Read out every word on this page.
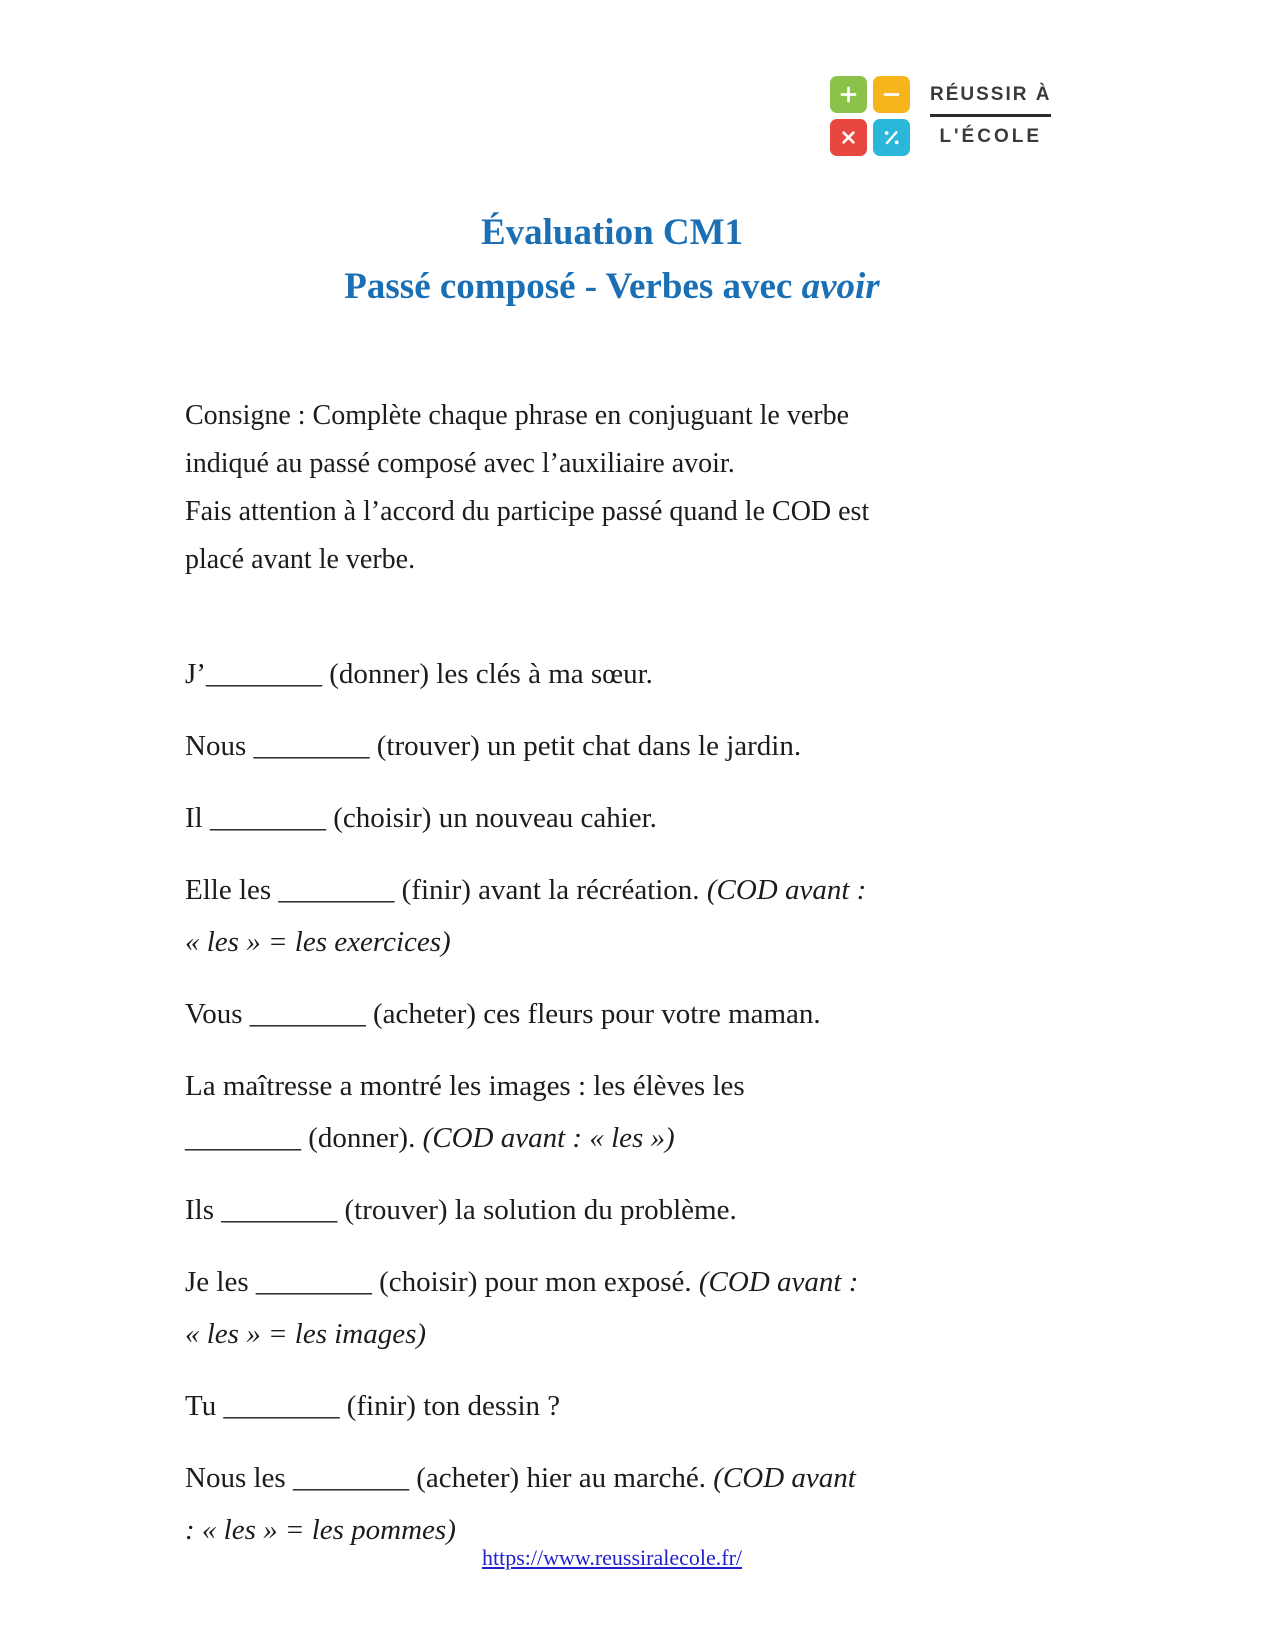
RÉUSSIR À
L'ÉCOLE
Évaluation CM1
Passé composé - Verbes avec avoir
Consigne : Complète chaque phrase en conjuguant le verbe
indiqué au passé composé avec l’auxiliaire avoir.
Fais attention à l’accord du participe passé quand le COD est
placé avant le verbe.

J’________ (donner) les clés à ma sœur.

Nous ________ (trouver) un petit chat dans le jardin.

Il ________ (choisir) un nouveau cahier.

Elle les ________ (finir) avant la récréation. (COD avant :
« les » = les exercices)

Vous ________ (acheter) ces fleurs pour votre maman.

La maîtresse a montré les images : les élèves les
________ (donner). (COD avant : « les »)

Ils ________ (trouver) la solution du problème.

Je les ________ (choisir) pour mon exposé. (COD avant :
« les » = les images)

Tu ________ (finir) ton dessin ?

Nous les ________ (acheter) hier au marché. (COD avant
: « les » = les pommes)

https://www.reussiralecole.fr/
